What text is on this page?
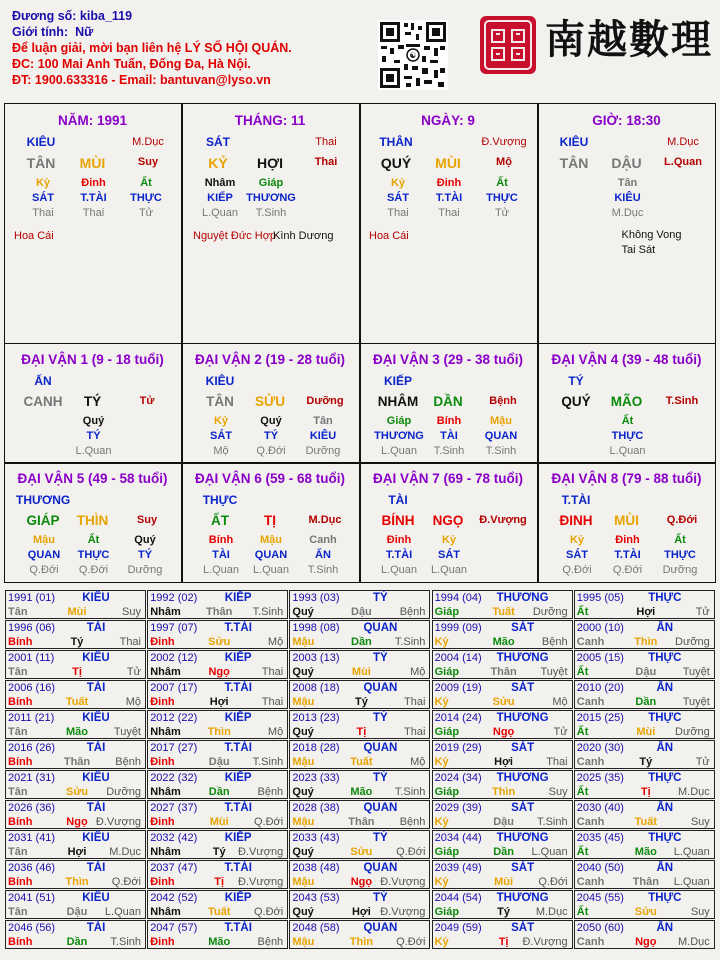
Đương số: kiba_119
Giới tính: Nữ
Để luận giải, mời bạn liên hệ LÝ SỐ HỘI QUÁN.
ĐC: 100 Mai Anh Tuấn, Đống Đa, Hà Nội.
ĐT: 1900.633316 - Email: bantuvan@lyso.vn
☯	南越數理
NĂM: 1991
KIÊU	M.Dục
TÂN	MÙI	Suy
Kỷ	Đinh	Ất
SÁT	T.TÀI	THỰC
Thai	Thai	Tử
Hoa Cái
THÁNG: 11
SÁT	Thai
KỶ	HỢI	Thai
Nhâm	Giáp
KIẾP	THƯƠNG
L.Quan	T.Sinh
Nguyệt Đức Hợp
Kình Dương
NGÀY: 9
THÂN	Đ.Vượng
QUÝ	MÙI	Mộ
Kỷ	Đinh	Ất
SÁT	T.TÀI	THỰC
Thai	Thai	Tử
Hoa Cái
GIỜ: 18:30
KIÊU	M.Dục
TÂN	DẬU	L.Quan
Tân
KIÊU
M.Dục
Không Vong
Tai Sát
ĐẠI VẬN 1 (9 - 18 tuổi)
ẤN
CANH	TÝ	Tử
Quý
TÝ
L.Quan
ĐẠI VẬN 2 (19 - 28 tuổi)
KIÊU
TÂN	SỬU	Dưỡng
Kỷ	Quý	Tân
SÁT	TÝ	KIÊU
Mộ	Q.Đới	Dưỡng
ĐẠI VẬN 3 (29 - 38 tuổi)
KIẾP
NHÂM	DẦN	Bệnh
Giáp	Bính	Mậu
THƯƠNG	TÀI	QUAN
L.Quan	T.Sinh	T.Sinh
ĐẠI VẬN 4 (39 - 48 tuổi)
TÝ
QUÝ	MÃO	T.Sinh
Ất
THỰC
L.Quan
ĐẠI VẬN 5 (49 - 58 tuổi)
THƯƠNG
GIÁP	THÌN	Suy
Mậu	Ất	Quý
QUAN	THỰC	TÝ
Q.Đới	Q.Đới	Dưỡng
ĐẠI VẬN 6 (59 - 68 tuổi)
THỰC
ẤT	TỊ	M.Dục
Bính	Mậu	Canh
TÀI	QUAN	ẤN
L.Quan	L.Quan	T.Sinh
ĐẠI VẬN 7 (69 - 78 tuổi)
TÀI
BÍNH	NGỌ	Đ.Vượng
Đinh	Kỷ
T.TÀI	SÁT
L.Quan	L.Quan
ĐẠI VẬN 8 (79 - 88 tuổi)
T.TÀI
ĐINH	MÙI	Q.Đới
Kỷ	Đinh	Ất
SÁT	T.TÀI	THỰC
Q.Đới	Q.Đới	Dưỡng
1991 (01)	KIÊU
Tân	Mùi	Suy
1992 (02)	KIẾP
Nhâm	Thân	T.Sinh
1993 (03)	TÝ
Quý	Dậu	Bệnh
1994 (04)	THƯƠNG
Giáp	Tuất	Dưỡng
1995 (05)	THỰC
Ất	Hợi	Tử
1996 (06)	TÀI
Bính	Tý	Thai
1997 (07)	T.TÀI
Đinh	Sửu	Mộ
1998 (08)	QUAN
Mậu	Dần	T.Sinh
1999 (09)	SÁT
Kỷ	Mão	Bệnh
2000 (10)	ẤN
Canh	Thìn	Dưỡng
2001 (11)	KIÊU
Tân	Tị	Tử
2002 (12)	KIẾP
Nhâm	Ngọ	Thai
2003 (13)	TÝ
Quý	Mùi	Mộ
2004 (14)	THƯƠNG
Giáp	Thân	Tuyệt
2005 (15)	THỰC
Ất	Dậu	Tuyệt
2006 (16)	TÀI
Bính	Tuất	Mộ
2007 (17)	T.TÀI
Đinh	Hợi	Thai
2008 (18)	QUAN
Mậu	Tý	Thai
2009 (19)	SÁT
Kỷ	Sửu	Mộ
2010 (20)	ẤN
Canh	Dần	Tuyệt
2011 (21)	KIÊU
Tân	Mão	Tuyệt
2012 (22)	KIẾP
Nhâm	Thìn	Mộ
2013 (23)	TÝ
Quý	Tị	Thai
2014 (24)	THƯƠNG
Giáp	Ngọ	Tử
2015 (25)	THỰC
Ất	Mùi	Dưỡng
2016 (26)	TÀI
Bính	Thân	Bệnh
2017 (27)	T.TÀI
Đinh	Dậu	T.Sinh
2018 (28)	QUAN
Mậu	Tuất	Mộ
2019 (29)	SÁT
Kỷ	Hợi	Thai
2020 (30)	ẤN
Canh	Tý	Tử
2021 (31)	KIÊU
Tân	Sửu	Dưỡng
2022 (32)	KIẾP
Nhâm	Dần	Bệnh
2023 (33)	TÝ
Quý	Mão	T.Sinh
2024 (34)	THƯƠNG
Giáp	Thìn	Suy
2025 (35)	THỰC
Ất	Tị	M.Dục
2026 (36)	TÀI
Bính	Ngọ Đ.Vượng
2027 (37)	T.TÀI
Đinh	Mùi	Q.Đới
2028 (38)	QUAN
Mậu	Thân	Bệnh
2029 (39)	SÁT
Kỷ	Dậu	T.Sinh
2030 (40)	ẤN
Canh	Tuất	Suy
2031 (41)	KIÊU
Tân	Hợi	M.Dục
2032 (42)	KIẾP
Nhâm	Tý	Đ.Vượng
2033 (43)	TÝ
Quý	Sửu	Q.Đới
2034 (44)	THƯƠNG
Giáp	Dần	L.Quan
2035 (45)	THỰC
Ất	Mão	L.Quan
2036 (46)	TÀI
Bính	Thìn	Q.Đới
2037 (47)	T.TÀI
Đinh	Tị	Đ.Vượng
2038 (48)	QUAN
Mậu	Ngọ Đ.Vượng
2039 (49)	SÁT
Kỷ	Mùi	Q.Đới
2040 (50)	ẤN
Canh	Thân	L.Quan
2041 (51)	KIÊU
Tân	Dậu	L.Quan
2042 (52)	KIẾP
Nhâm	Tuất	Q.Đới
2043 (53)	TÝ
Quý	Hợi Đ.Vượng
2044 (54)	THƯƠNG
Giáp	Tý	M.Dục
2045 (55)	THỰC
Ất	Sửu	Suy
2046 (56)	TÀI
Bính	Dần	T.Sinh
2047 (57)	T.TÀI
Đinh	Mão	Bệnh
2048 (58)	QUAN
Mậu	Thìn	Q.Đới
2049 (59)	SÁT
Kỷ	Tị	Đ.Vượng
2050 (60)	ẤN
Canh	Ngọ	M.Dục
